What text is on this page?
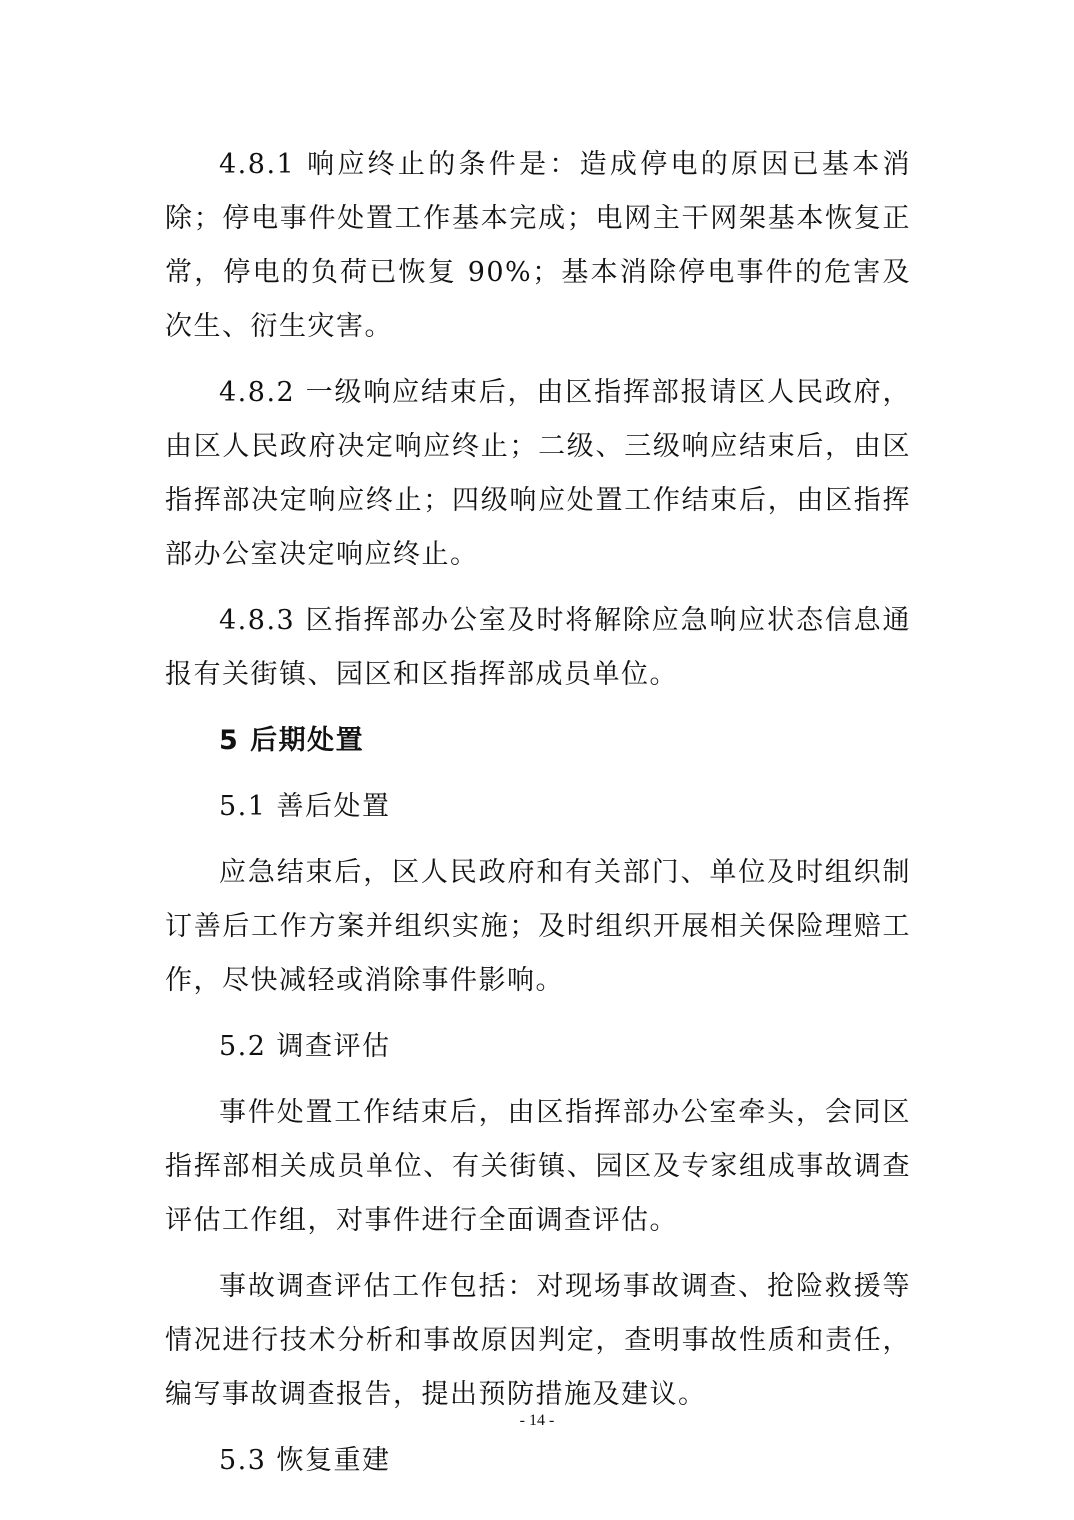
4.8.1 响应终止的条件是：造成停电的原因已基本消除；停电事件处置工作基本完成；电网主干网架基本恢复正常，停电的负荷已恢复 90%；基本消除停电事件的危害及次生、衍生灾害。

4.8.2 一级响应结束后，由区指挥部报请区人民政府，由区人民政府决定响应终止；二级、三级响应结束后，由区指挥部决定响应终止；四级响应处置工作结束后，由区指挥部办公室决定响应终止。

4.8.3 区指挥部办公室及时将解除应急响应状态信息通报有关街镇、园区和区指挥部成员单位。

5 后期处置

5.1 善后处置

应急结束后，区人民政府和有关部门、单位及时组织制订善后工作方案并组织实施；及时组织开展相关保险理赔工作，尽快减轻或消除事件影响。

5.2 调查评估

事件处置工作结束后，由区指挥部办公室牵头，会同区指挥部相关成员单位、有关街镇、园区及专家组成事故调查评估工作组，对事件进行全面调查评估。

事故调查评估工作包括：对现场事故调查、抢险救援等情况进行技术分析和事故原因判定，查明事故性质和责任，编写事故调查报告，提出预防措施及建议。

5.3 恢复重建

- 14 -
